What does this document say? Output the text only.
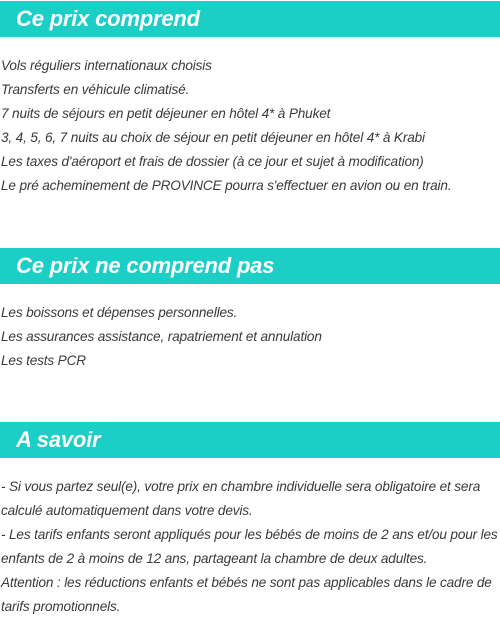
Ce prix comprend
Vols réguliers internationaux choisis
Transferts en véhicule climatisé.
7 nuits de séjours en petit déjeuner en hôtel 4* à Phuket
3, 4, 5, 6, 7 nuits au choix de séjour en petit déjeuner en hôtel 4* à Krabi
Les taxes d'aéroport et frais de dossier (à ce jour et sujet à modification)
Le pré acheminement de PROVINCE pourra s'effectuer en avion ou en train.
Ce prix ne comprend pas
Les boissons et dépenses personnelles.
Les assurances assistance, rapatriement et annulation
Les tests PCR
A savoir
- Si vous partez seul(e), votre prix en chambre individuelle sera obligatoire et sera calculé automatiquement dans votre devis.
- Les tarifs enfants seront appliqués pour les bébés de moins de 2 ans et/ou pour les enfants de 2 à moins de 12 ans, partageant la chambre de deux adultes.
Attention : les réductions enfants et bébés ne sont pas applicables dans le cadre de tarifs promotionnels.
